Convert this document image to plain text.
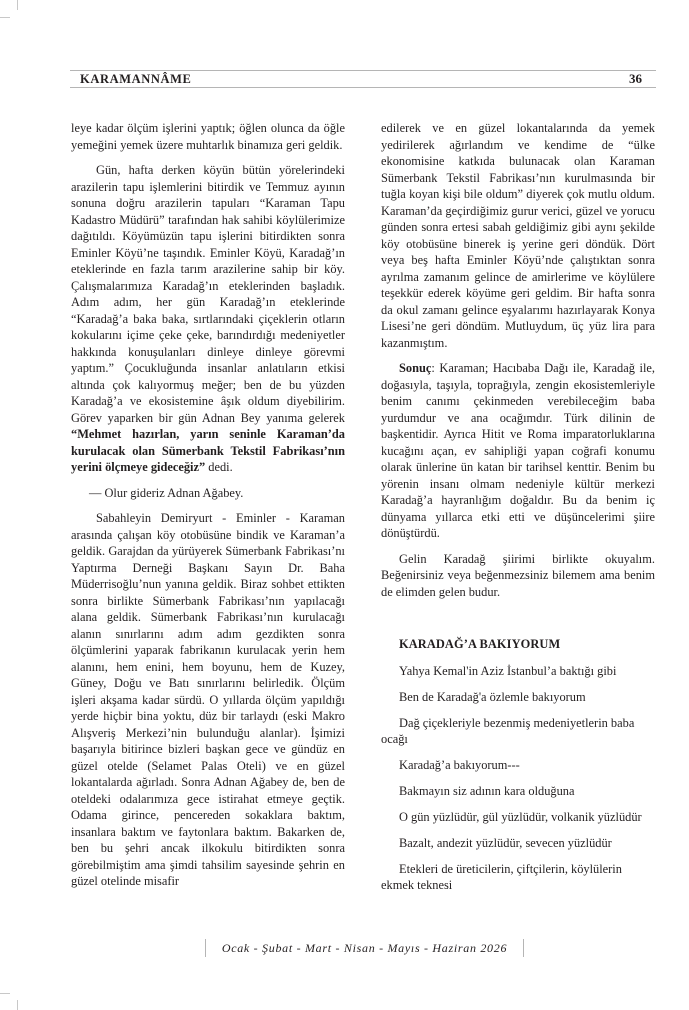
KARAMANNÂME	36

leye kadar ölçüm işlerini yaptık; öğlen olunca da öğle yemeğini yemek üzere muhtarlık binamıza geri geldik.

Gün, hafta derken köyün bütün yörelerindeki arazilerin tapu işlemlerini bitirdik ve Temmuz ayının sonuna doğru arazilerin tapuları “Karaman Tapu Kadastro Müdürü” tarafından hak sahibi köylülerimize dağıtıldı. Köyümüzün tapu işlerini bitirdikten sonra Eminler Köyü’ne taşındık. Eminler Köyü, Karadağ’ın eteklerinde en fazla tarım arazilerine sahip bir köy. Çalışmalarımıza Karadağ’ın eteklerinden başladık. Adım adım, her gün Karadağ’ın eteklerinde “Karadağ’a baka baka, sırtlarındaki çiçeklerin otların kokularını içime çeke çeke, barındırdığı medeniyetler hakkında konuşulanları dinleye dinleye görevmi yaptım.” Çocukluğunda insanlar anlatıların etkisi altında çok kalıyormuş meğer; ben de bu yüzden Karadağ’a ve ekosistemine âşık oldum diyebilirim. Görev yaparken bir gün Adnan Bey yanıma gelerek “Mehmet hazırlan, yarın seninle Karaman’da kurulacak olan Sümerbank Tekstil Fabrikası’nın yerini ölçmeye gideceğiz” dedi.

— Olur gideriz Adnan Ağabey.

Sabahleyin Demiryurt - Eminler - Karaman arasında çalışan köy otobüsüne bindik ve Karaman’a geldik. Garajdan da yürüyerek Sümerbank Fabrikası’nı Yaptırma Derneği Başkanı Sayın Dr. Baha Müderrisoğlu’nun yanına geldik. Biraz sohbet ettikten sonra birlikte Sümerbank Fabrikası’nın yapılacağı alana geldik. Sümerbank Fabrikası’nın kurulacağı alanın sınırlarını adım adım gezdikten sonra ölçümlerini yaparak fabrikanın kurulacak yerin hem alanını, hem enini, hem boyunu, hem de Kuzey, Güney, Doğu ve Batı sınırlarını belirledik. Ölçüm işleri akşama kadar sürdü. O yıllarda ölçüm yapıldığı yerde hiçbir bina yoktu, düz bir tarlaydı (eski Makro Alışveriş Merkezi’nin bulunduğu alanlar). İşimizi başarıyla bitirince bizleri başkan gece ve gündüz en güzel otelde (Selamet Palas Oteli) ve en güzel lokantalarda ağırladı. Sonra Adnan Ağabey de, ben de oteldeki odalarımıza gece istirahat etmeye geçtik. Odama girince, pencereden sokaklara baktım, insanlara baktım ve faytonlara baktım. Bakarken de, ben bu şehri ancak ilkokulu bitirdikten sonra görebilmiştim ama şimdi tahsilim sayesinde şehrin en güzel otelinde misafir

edilerek ve en güzel lokantalarında da yemek yedirilerek ağırlandım ve kendime de “ülke ekonomisine katkıda bulunacak olan Karaman Sümerbank Tekstil Fabrikası’nın kurulmasında bir tuğla koyan kişi bile oldum” diyerek çok mutlu oldum. Karaman’da geçirdiğimiz gurur verici, güzel ve yorucu günden sonra ertesi sabah geldiğimiz gibi aynı şekilde köy otobüsüne binerek iş yerine geri döndük. Dört veya beş hafta Eminler Köyü’nde çalıştıktan sonra ayrılma zamanım gelince de amirlerime ve köylülere teşekkür ederek köyüme geri geldim. Bir hafta sonra da okul zamanı gelince eşyalarımı hazırlayarak Konya Lisesi’ne geri döndüm. Mutluydum, üç yüz lira para kazanmıştım.

Sonuç: Karaman; Hacıbaba Dağı ile, Karadağ ile, doğasıyla, taşıyla, toprağıyla, zengin ekosistemleriyle benim canımı çekinmeden verebileceğim baba yurdumdur ve ana ocağımdır. Türk dilinin de başkentidir. Ayrıca Hitit ve Roma imparatorluklarına kucağını açan, ev sahipliği yapan coğrafi konumu olarak ünlerine ün katan bir tarihsel kenttir. Benim bu yörenin insanı olmam nedeniyle kültür merkezi Karadağ’a hayranlığım doğaldır. Bu da benim iç dünyama yıllarca etki etti ve düşüncelerimi şiire dönüştürdü.

Gelin Karadağ şiirimi birlikte okuyalım. Beğenirsiniz veya beğenmezsiniz bilemem ama benim de elimden gelen budur.

KARADAĞ’A BAKIYORUM
Yahya Kemal'in Aziz İstanbul’a baktığı gibi
Ben de Karadağ'a özlemle bakıyorum
Dağ çiçekleriyle bezenmiş medeniyetlerin baba ocağı
Karadağ’a bakıyorum---
Bakmayın siz adının kara olduğuna
O gün yüzlüdür, gül yüzlüdür, volkanik yüzlüdür
Bazalt, andezit yüzlüdür, sevecen yüzlüdür
Etekleri de üreticilerin, çiftçilerin, köylülerin ekmek teknesi
Ocak - Şubat - Mart - Nisan - Mayıs - Haziran 2026
